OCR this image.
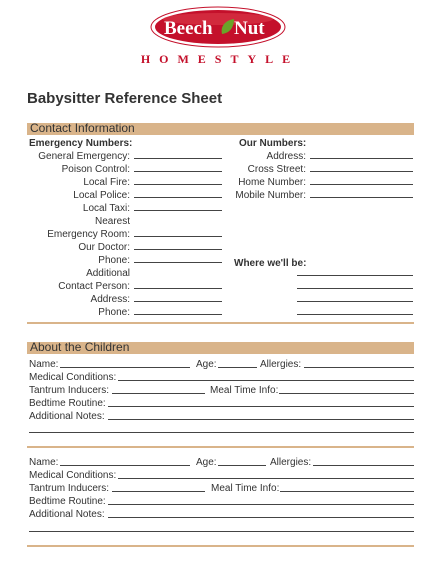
Beech Nut
HOMESTYLE
Babysitter Reference Sheet
Contact Information
Emergency Numbers:
General Emergency:
Poison Control:
Local Fire:
Local Police:
Local Taxi:
Nearest
Emergency Room:
Our Doctor:
Phone:
Additional
Contact Person:
Address:
Phone:
Our Numbers:
Address:
Cross Street:
Home Number:
Mobile Number:
Where we'll be:
About the Children
Name:	Age:	Allergies:
Medical Conditions:
Tantrum Inducers:	Meal Time Info:
Bedtime Routine:
Additional Notes:
Name:	Age:	Allergies:
Medical Conditions:
Tantrum Inducers:	Meal Time Info:
Bedtime Routine:
Additional Notes:
